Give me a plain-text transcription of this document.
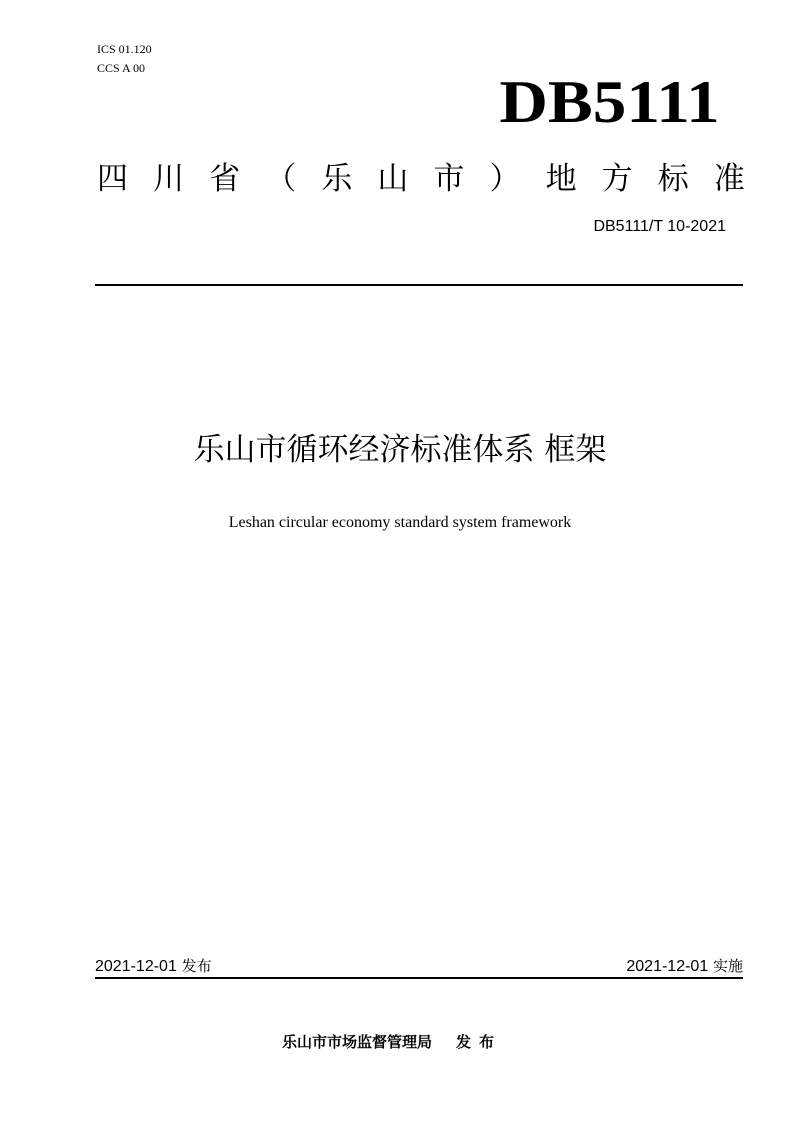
ICS 01.120
CCS A 00
DB5111
四 川 省 （ 乐 山 市 ） 地 方 标 准
DB5111/T 10-2021
乐山市循环经济标准体系 框架
Leshan circular economy standard system framework
2021-12-01 发布	2021-12-01 实施
乐山市市场监督管理局 发布
